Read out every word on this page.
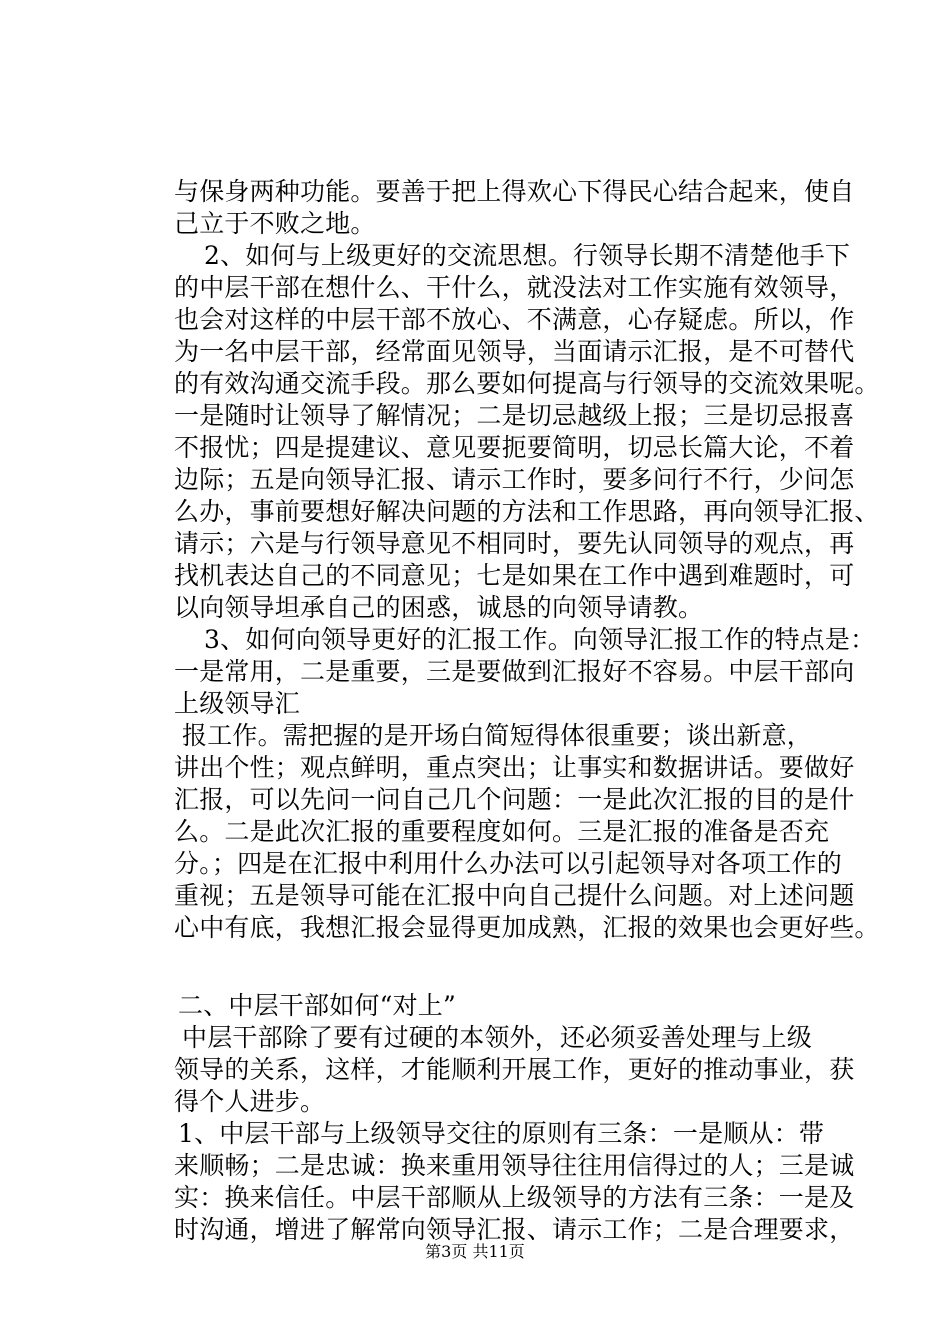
与保身两种功能。要善于把上得欢心下得民心结合起来，使自
己立于不败之地。
2、如何与上级更好的交流思想。行领导长期不清楚他手下
的中层干部在想什么、干什么，就没法对工作实施有效领导，
也会对这样的中层干部不放心、不满意，心存疑虑。所以，作
为一名中层干部，经常面见领导，当面请示汇报，是不可替代
的有效沟通交流手段。那么要如何提高与行领导的交流效果呢。
一是随时让领导了解情况；二是切忌越级上报；三是切忌报喜
不报忧；四是提建议、意见要扼要简明，切忌长篇大论，不着
边际；五是向领导汇报、请示工作时，要多问行不行，少问怎
么办，事前要想好解决问题的方法和工作思路，再向领导汇报、
请示；六是与行领导意见不相同时，要先认同领导的观点，再
找机表达自己的不同意见；七是如果在工作中遇到难题时，可
以向领导坦承自己的困惑，诚恳的向领导请教。
3、如何向领导更好的汇报工作。向领导汇报工作的特点是：
一是常用，二是重要，三是要做到汇报好不容易。中层干部向
上级领导汇
报工作。需把握的是开场白简短得体很重要；谈出新意，
讲出个性；观点鲜明，重点突出；让事实和数据讲话。要做好
汇报，可以先问一问自己几个问题：一是此次汇报的目的是什
么。二是此次汇报的重要程度如何。三是汇报的准备是否充
分。；四是在汇报中利用什么办法可以引起领导对各项工作的
重视；五是领导可能在汇报中向自己提什么问题。对上述问题
心中有底，我想汇报会显得更加成熟，汇报的效果也会更好些。
二、中层干部如何“对上”
中层干部除了要有过硬的本领外，还必须妥善处理与上级
领导的关系，这样，才能顺利开展工作，更好的推动事业，获
得个人进步。
1、中层干部与上级领导交往的原则有三条：一是顺从：带
来顺畅；二是忠诚：换来重用领导往往用信得过的人；三是诚
实：换来信任。中层干部顺从上级领导的方法有三条：一是及
时沟通，增进了解常向领导汇报、请示工作；二是合理要求，
第3页 共11页
